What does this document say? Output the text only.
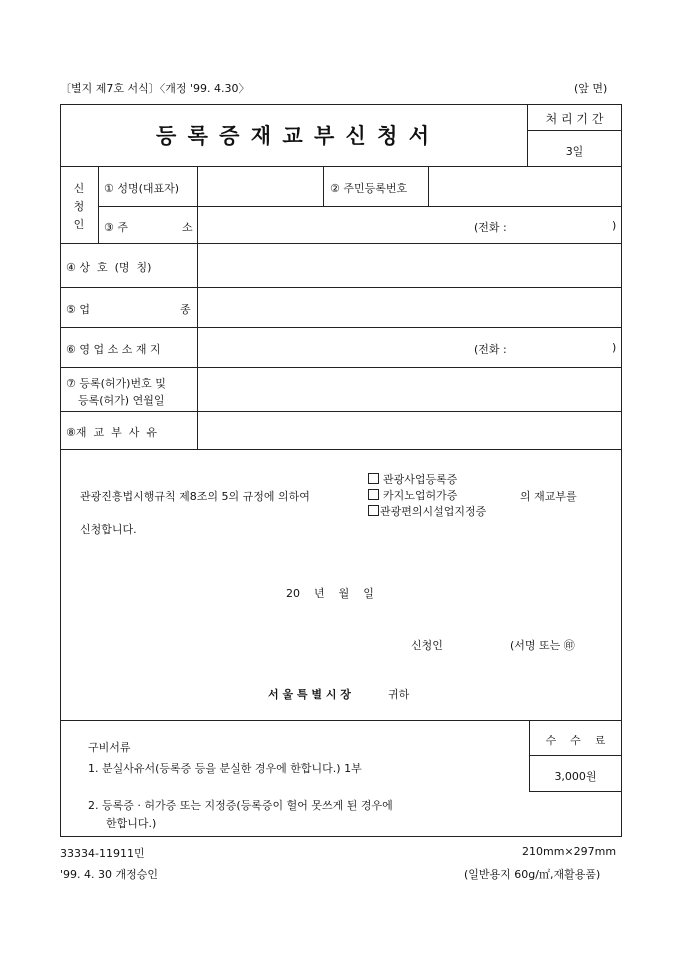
〔별지 제7호 서식〕〈개정 '99. 4.30〉	(앞 면)
등 록 증 재 교 부 신 청 서
처 리 기 간
3일
신
청
인
① 성명(대표자)	② 주민등록번호
③ 주	소	(전화 :	)
④ 상  호  (명  칭)
⑤ 업	종
⑥ 영 업 소 소 재 지	(전화 :	)
⑦ 등록(허가)번호 및
등록(허가) 연월일
⑧재  교  부  사  유
관광진흥법시행규칙 제8조의 5의 규정에 의하여
관광사업등록증
카지노업허가증
관광편의시설업지정증
의 재교부를
신청합니다.
20    년    월    일
신청인	(서명 또는 ㊞
서 울 특 별 시 장	귀하
구비서류
1. 분실사유서(등록증 등을 분실한 경우에 한합니다.) 1부
2. 등록증 · 허가증 또는 지정증(등록증이 헐어 못쓰게 된 경우에
한합니다.)
수    수    료
3,000원
33334-11911민
'99. 4. 30 개정승인
210mm×297mm
(일반용지 60g/㎡,재활용품)
